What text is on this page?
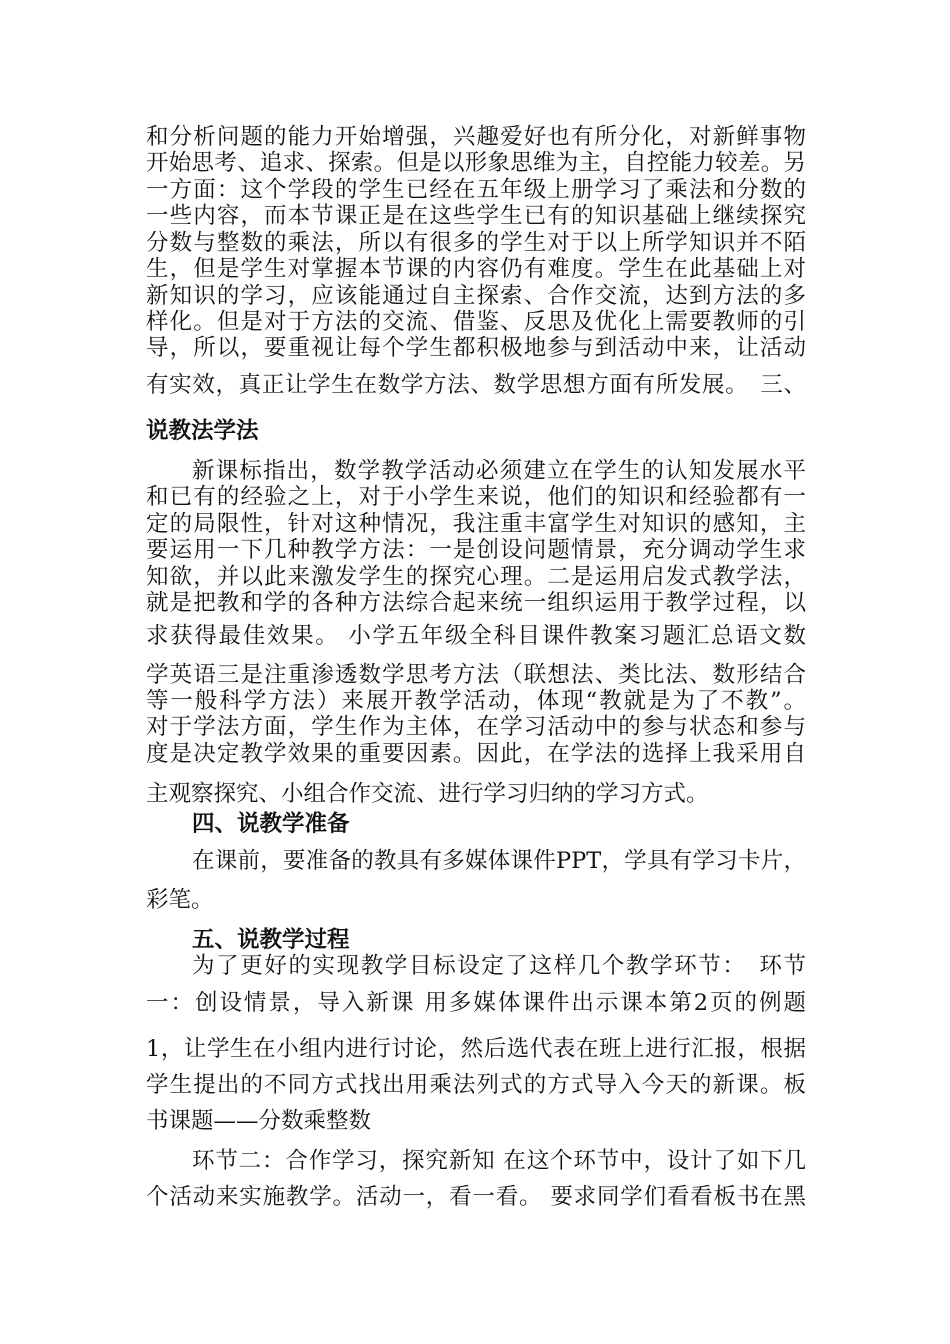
和分析问题的能力开始增强，兴趣爱好也有所分化，对新鲜事物
开始思考、追求、探索。但是以形象思维为主，自控能力较差。另
一方面：这个学段的学生已经在五年级上册学习了乘法和分数的
一些内容，而本节课正是在这些学生已有的知识基础上继续探究
分数与整数的乘法，所以有很多的学生对于以上所学知识并不陌
生，但是学生对掌握本节课的内容仍有难度。学生在此基础上对
新知识的学习，应该能通过自主探索、合作交流，达到方法的多
样化。但是对于方法的交流、借鉴、反思及优化上需要教师的引
导，所以，要重视让每个学生都积极地参与到活动中来，让活动
有实效，真正让学生在数学方法、数学思想方面有所发展。　三、
说教法学法
新课标指出，数学教学活动必须建立在学生的认知发展水平
和已有的经验之上，对于小学生来说，他们的知识和经验都有一
定的局限性，针对这种情况，我注重丰富学生对知识的感知，主
要运用一下几种教学方法：一是创设问题情景，充分调动学生求
知欲，并以此来激发学生的探究心理。二是运用启发式教学法，
就是把教和学的各种方法综合起来统一组织运用于教学过程，以
求获得最佳效果。 小学五年级全科目课件教案习题汇总语文数
学英语三是注重渗透数学思考方法（联想法、类比法、数形结合
等一般科学方法）来展开教学活动，体现“教就是为了不教”。
对于学法方面，学生作为主体，在学习活动中的参与状态和参与
度是决定教学效果的重要因素。因此，在学法的选择上我采用自
主观察探究、小组合作交流、进行学习归纳的学习方式。
四、说教学准备
在课前，要准备的教具有多媒体课件PPT，学具有学习卡片，
彩笔。
五、说教学过程
为了更好的实现教学目标设定了这样几个教学环节：　环节
一：创设情景，导入新课 用多媒体课件出示课本第2页的例题
1，让学生在小组内进行讨论，然后选代表在班上进行汇报，根据
学生提出的不同方式找出用乘法列式的方式导入今天的新课。板
书课题——分数乘整数
环节二：合作学习，探究新知 在这个环节中，设计了如下几
个活动来实施教学。活动一，看一看。 要求同学们看看板书在黑
